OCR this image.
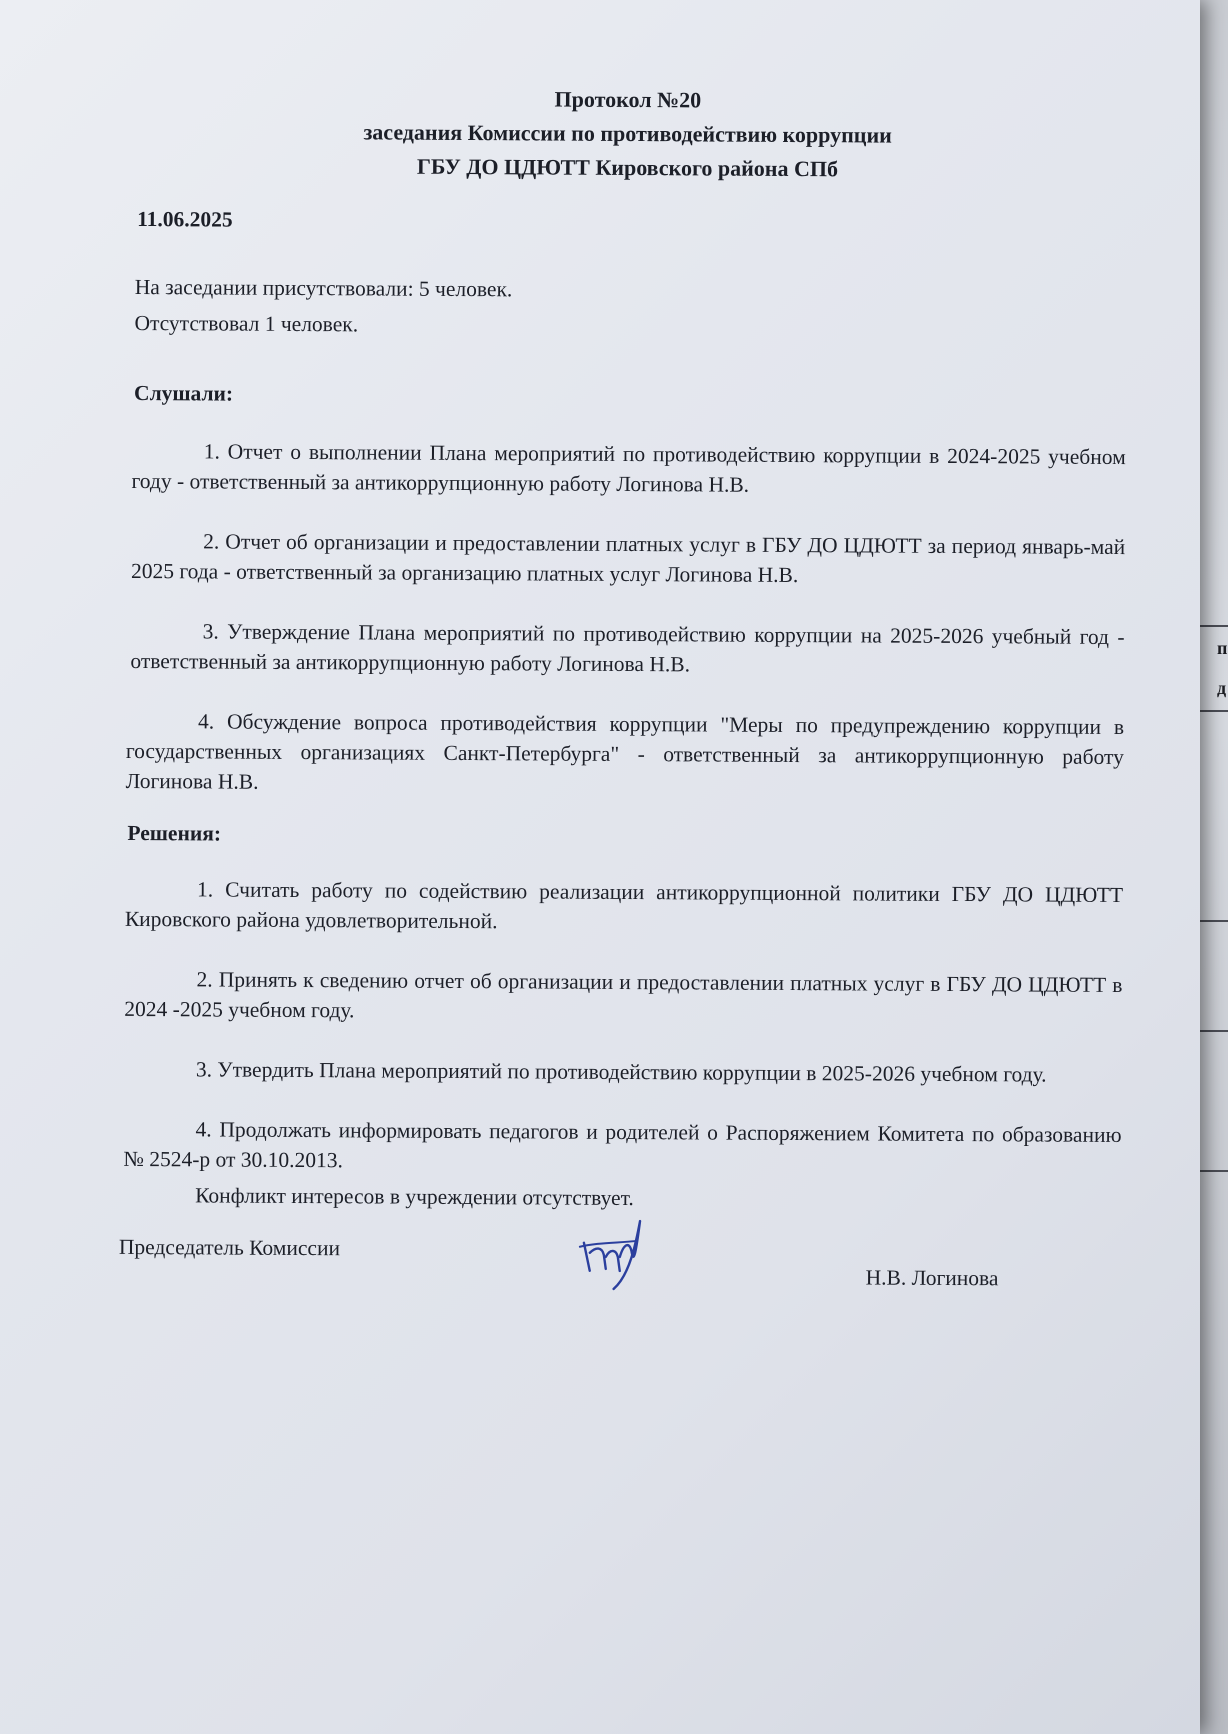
п
д
Протокол №20
заседания Комиссии по противодействию коррупции
ГБУ ДО ЦДЮТТ Кировского района СПб
11.06.2025
На заседании присутствовали: 5 человек.
Отсутствовал 1 человек.
Слушали:

1. Отчет о выполнении Плана мероприятий по противодействию коррупции в 2024-2025 учебном году - ответственный за антикоррупционную работу Логинова Н.В.

2. Отчет об организации и предоставлении платных услуг в ГБУ ДО ЦДЮТТ за период январь-май 2025 года - ответственный за организацию платных услуг Логинова Н.В.

3. Утверждение Плана мероприятий по противодействию коррупции на 2025-2026 учебный год - ответственный за антикоррупционную работу Логинова Н.В.

4. Обсуждение вопроса противодействия коррупции "Меры по предупреждению коррупции в государственных организациях Санкт-Петербурга" - ответственный за антикоррупционную работу Логинова Н.В.

Решения:

1. Считать работу по содействию реализации антикоррупционной политики ГБУ ДО ЦДЮТТ Кировского района удовлетворительной.

2. Принять к сведению отчет об организации и предоставлении платных услуг в ГБУ ДО ЦДЮТТ в 2024 -2025 учебном году.

3. Утвердить Плана мероприятий по противодействию коррупции в 2025-2026 учебном году.

4. Продолжать информировать педагогов и родителей о Распоряжением Комитета по образованию № 2524-р от 30.10.2013.

Конфликт интересов в учреждении отсутствует.

Председатель Комиссии
Н.В. Логинова
